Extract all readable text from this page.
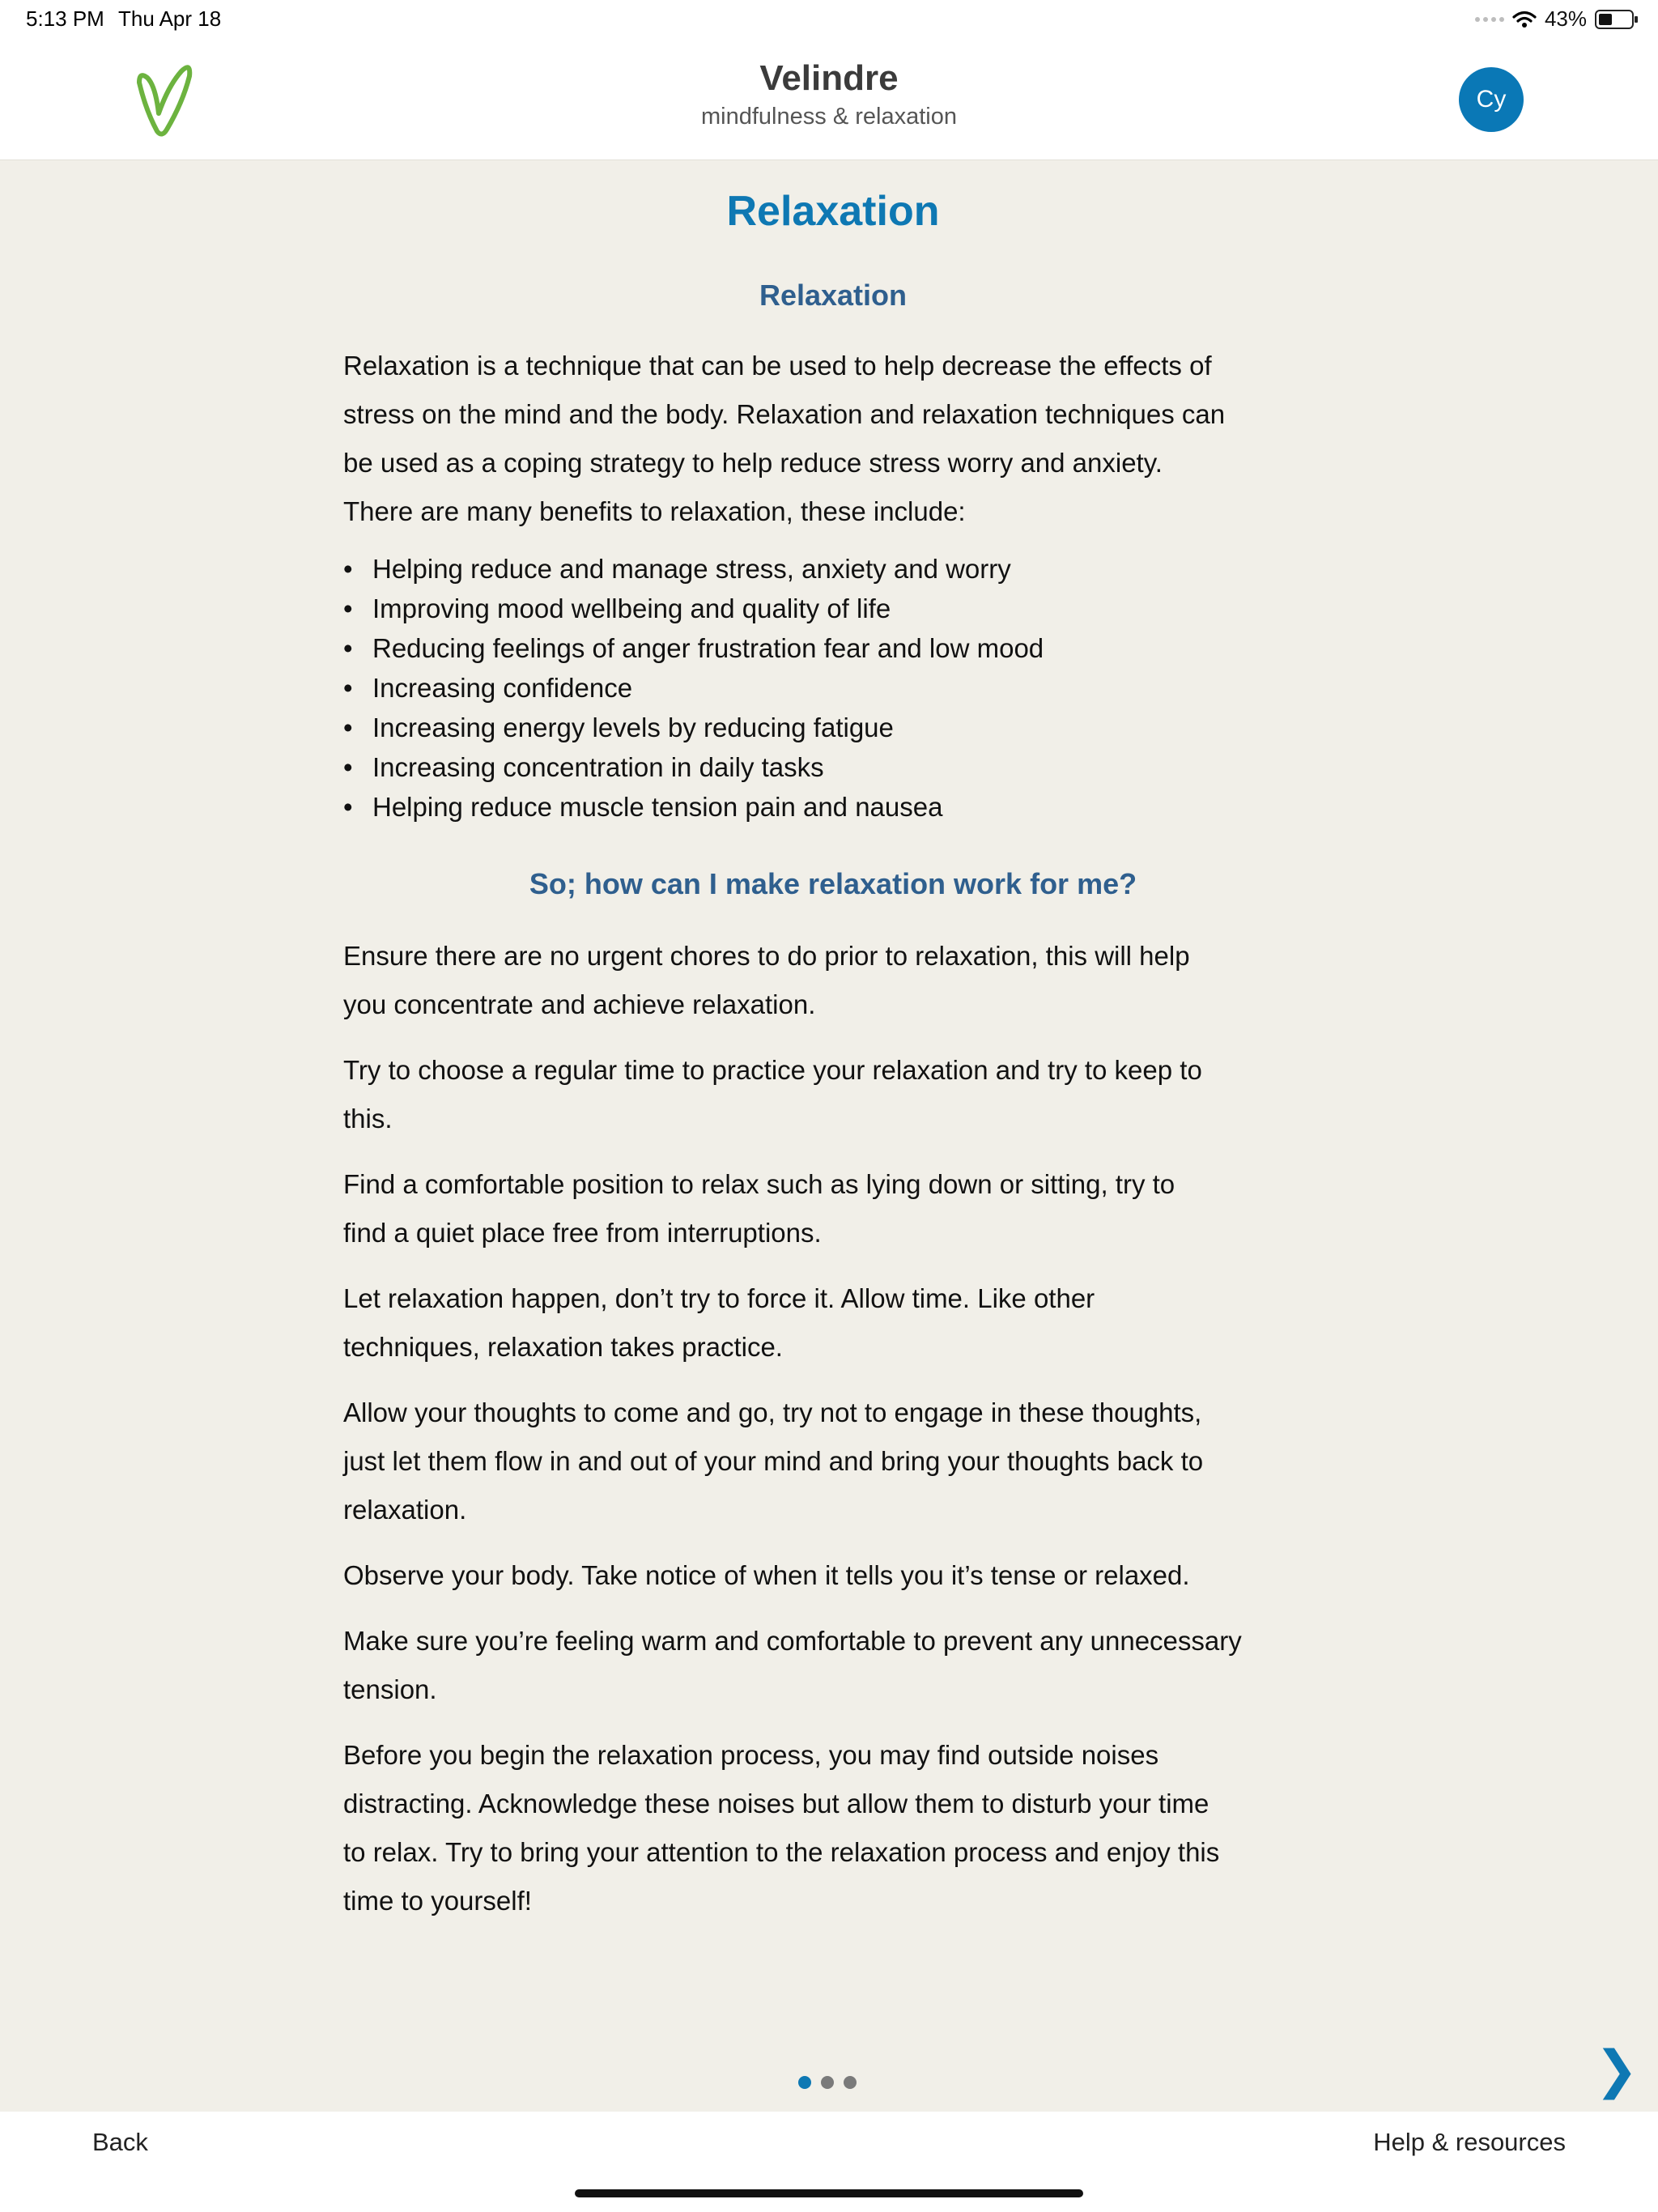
5:13 PM Thu Apr 18	43%
Velindre
mindfulness & relaxation
Cy
Relaxation
Relaxation
Relaxation is a technique that can be used to help decrease the effects of
stress on the mind and the body. Relaxation and relaxation techniques can
be used as a coping strategy to help reduce stress worry and anxiety.
There are many benefits to relaxation, these include:
• Helping reduce and manage stress, anxiety and worry
• Improving mood wellbeing and quality of life
• Reducing feelings of anger frustration fear and low mood
• Increasing confidence
• Increasing energy levels by reducing fatigue
• Increasing concentration in daily tasks
• Helping reduce muscle tension pain and nausea
So; how can I make relaxation work for me?

Ensure there are no urgent chores to do prior to relaxation, this will help
you concentrate and achieve relaxation.

Try to choose a regular time to practice your relaxation and try to keep to
this.

Find a comfortable position to relax such as lying down or sitting, try to
find a quiet place free from interruptions.

Let relaxation happen, don’t try to force it. Allow time. Like other
techniques, relaxation takes practice.

Allow your thoughts to come and go, try not to engage in these thoughts,
just let them flow in and out of your mind and bring your thoughts back to
relaxation.

Observe your body. Take notice of when it tells you it’s tense or relaxed.

Make sure you’re feeling warm and comfortable to prevent any unnecessary
tension.

Before you begin the relaxation process, you may find outside noises
distracting. Acknowledge these noises but allow them to disturb your time
to relax. Try to bring your attention to the relaxation process and enjoy this
time to yourself!

❯
Back	Help & resources
